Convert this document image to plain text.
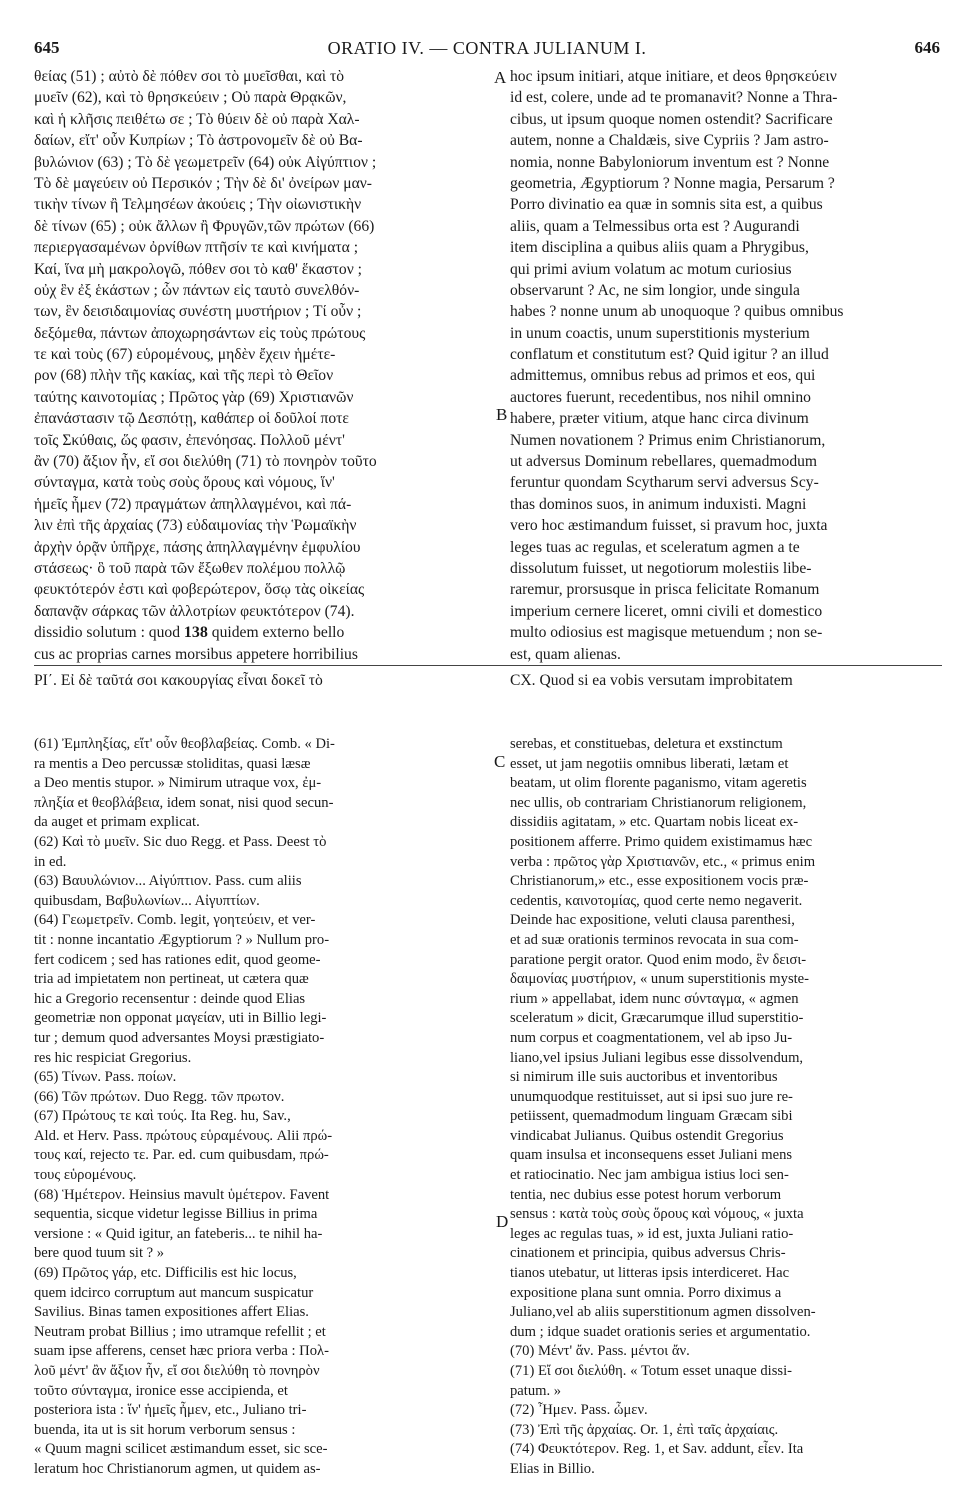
645	ORATIO IV. — CONTRA JULIANUM I.	646
θείας (51) ; αὐτὸ δὲ πόθεν σοι τὸ μυεῖσθαι, καὶ τὸ
μυεῖν (62), καὶ τὸ θρησκεύειν ; Οὐ παρὰ Θρᾳκῶν,
καὶ ἡ κλῆσις πειθέτω σε ; Τὸ θύειν δὲ οὐ παρὰ Χαλ-
δαίων, εἴτ' οὖν Κυπρίων ; Τὸ ἀστρονομεῖν δὲ οὐ Βα-
βυλώνιον (63) ; Τὸ δὲ γεωμετρεῖν (64) οὐκ Αἰγύπτιον ;
Τὸ δὲ μαγεύειν οὐ Περσικόν ; Τὴν δὲ δι' ὀνείρων μαν-
τικὴν τίνων ἢ Τελμησέων ἀκούεις ; Τὴν οἰωνιστικὴν
δὲ τίνων (65) ; οὐκ ἄλλων ἢ Φρυγῶν,τῶν πρώτων (66)
περιεργασαμένων ὀρνίθων πτῆσίν τε καὶ κινήματα ;
Καί, ἵνα μὴ μακρολογῶ, πόθεν σοι τὸ καθ' ἕκαστον ;
οὐχ ἓν ἐξ ἑκάστων ; ὧν πάντων εἰς ταυτὸ συνελθόν-
των, ἓν δεισιδαιμονίας συνέστη μυστήριον ; Τί οὖν ;
δεξόμεθα, πάντων ἀποχωρησάντων εἰς τοὺς πρώτους
τε καὶ τοὺς (67) εὑρομένους, μηδὲν ἔχειν ἡμέτε-
ρον (68) πλὴν τῆς κακίας, καὶ τῆς περὶ τὸ Θεῖον
ταύτης καινοτομίας ; Πρῶτος γὰρ (69) Χριστιανῶν
ἐπανάστασιν τῷ Δεσπότῃ, καθάπερ οἱ δοῦλοί ποτε
τοῖς Σκύθαις, ὥς φασιν, ἐπενόησας. Πολλοῦ μέντ'
ἂν (70) ἄξιον ἦν, εἴ σοι διελύθη (71) τὸ πονηρὸν τοῦτο
σύνταγμα, κατὰ τοὺς σοὺς ὅρους καὶ νόμους, ἵν'
ἡμεῖς ἦμεν (72) πραγμάτων ἀπηλλαγμένοι, καὶ πά-
λιν ἐπὶ τῆς ἀρχαίας (73) εὐδαιμονίας τὴν Ῥωμαϊκὴν
ἀρχὴν ὁρᾷν ὑπῆρχε, πάσης ἀπηλλαγμένην ἐμφυλίου
στάσεως· ὃ τοῦ παρὰ τῶν ἔξωθεν πολέμου πολλῷ
φευκτότερόν ἐστι καὶ φοβερώτερον, ὅσῳ τὰς οἰκείας
δαπανᾷν σάρκας τῶν ἀλλοτρίων φευκτότερον (74).
hoc ipsum initiari, atque initiare, et deos θρησκεύειν
id est, colere, unde ad te promanavit? Nonne a Thra-
cibus, ut ipsum quoque nomen ostendit? Sacrificare
autem, nonne a Chaldæis, sive Cypriis ? Jam astro-
nomia, nonne Babyloniorum inventum est ? Nonne
geometria, Ægyptiorum ? Nonne magia, Persarum ?
Porro divinatio ea quæ in somnis sita est, a quibus
aliis, quam a Telmessibus orta est ? Augurandi
item disciplina a quibus aliis quam a Phrygibus,
qui primi avium volatum ac motum curiosius
observarunt ? Ac, ne sim longior, unde singula
habes ? nonne unum ab unoquoque ? quibus omnibus
in unum coactis, unum superstitionis mysterium
conflatum et constitutum est? Quid igitur ? an illud
admittemus, omnibus rebus ad primos et eos, qui
auctores fuerunt, recedentibus, nos nihil omnino
habere, præter vitium, atque hanc circa divinum
Numen novationem ? Primus enim Christianorum,
ut adversus Dominum rebellares, quemadmodum
feruntur quondam Scytharum servi adversus Scy-
thas dominos suos, in animum induxisti. Magni
vero hoc æstimandum fuisset, si pravum hoc, juxta
leges tuas ac regulas, et sceleratum agmen a te
dissolutum fuisset, ut negotiorum molestiis libe-
raremur, prorsusque in prisca felicitate Romanum
imperium cernere liceret, omni civili et domestico
A
B
C
D
dissidio solutum : quod 138 quidem externo bello	multo odiosius est magisque metuendum ; non se-
cus ac proprias carnes morsibus appetere horribilius	est, quam alienas.
ΡΙ΄. Εἰ δὲ ταῦτά σοι κακουργίας εἶναι δοκεῖ τὸ	CX. Quod si ea vobis versutam improbitatem
(61) Ἐμπληξίας, εἴτ' οὖν θεοβλαβείας. Comb. « Di-
ra mentis a Deo percussæ stoliditas, quasi læsæ
a Deo mentis stupor. » Nimirum utraque vox, ἐμ-
πληξία et θεοβλάβεια, idem sonat, nisi quod secun-
da auget et primam explicat.
(62) Καὶ τὸ μυεῖν. Sic duo Regg. et Pass. Deest τὸ
in ed.
(63) Βαυυλώνιον... Αἰγύπτιον. Pass. cum aliis
quibusdam, Βαβυλωνίων... Αἰγυπτίων.
(64) Γεωμετρεῖν. Comb. legit, γοητεύειν, et ver-
tit : nonne incantatio Ægyptiorum ? » Nullum pro-
fert codicem ; sed has rationes edit, quod geome-
tria ad impietatem non pertineat, ut cætera quæ
hic a Gregorio recensentur : deinde quod Elias
geometriæ non opponat μαγείαν, uti in Billio legi-
tur ; demum quod adversantes Moysi præstigiato-
res hic respiciat Gregorius.
(65) Τίνων. Pass. ποίων.
(66) Τῶν πρώτων. Duo Regg. τῶν πρωτον.
(67) Πρώτους τε καὶ τούς. Ita Reg. hu, Sav.,
Ald. et Herv. Pass. πρώτους εὑραμένους. Alii πρώ-
τους καί, rejecto τε. Par. ed. cum quibusdam, πρώ-
τους εὑρομένους.
(68) Ἡμέτερον. Heinsius mavult ὑμέτερον. Favent
sequentia, sicque videtur legisse Billius in prima
versione : « Quid igitur, an fateberis... te nihil ha-
bere quod tuum sit ? »
(69) Πρῶτος γάρ, etc. Difficilis est hic locus,
quem idcirco corruptum aut mancum suspicatur
Savilius. Binas tamen expositiones affert Elias.
Neutram probat Billius ; imo utramque refellit ; et
suam ipse afferens, censet hæc priora verba : Πολ-
λοῦ μέντ' ἂν ἄξιον ἦν, εἴ σοι διελύθη τὸ πονηρὸν
τοῦτο σύνταγμα, ironice esse accipienda, et
posteriora ista : ἵν' ἡμεῖς ἦμεν, etc., Juliano tri-
buenda, ita ut is sit horum verborum sensus :
« Quum magni scilicet æstimandum esset, sic sce-
leratum hoc Christianorum agmen, ut quidem as-
serebas, et constituebas, deletura et exstinctum
esset, ut jam negotiis omnibus liberati, lætam et
beatam, ut olim florente paganismo, vitam ageretis
nec ullis, ob contrariam Christianorum religionem,
dissidiis agitatam, » etc. Quartam nobis liceat ex-
positionem afferre. Primo quidem existimamus hæc
verba : πρῶτος γὰρ Χριστιανῶν, etc., « primus enim
Christianorum,» etc., esse expositionem vocis præ-
cedentis, καινοτομίας, quod certe nemo negaverit.
Deinde hac expositione, veluti clausa parenthesi,
et ad suæ orationis terminos revocata in sua com-
paratione pergit orator. Quod enim modo, ἓν δεισι-
δαιμονίας μυστήριον, « unum superstitionis myste-
rium » appellabat, idem nunc σύνταγμα, « agmen
sceleratum » dicit, Græcarumque illud superstitio-
num corpus et coagmentationem, vel ab ipso Ju-
liano,vel ipsius Juliani legibus esse dissolvendum,
si nimirum ille suis auctoribus et inventoribus
unumquodque restituisset, aut si ipsi suo jure re-
petiissent, quemadmodum linguam Græcam sibi
vindicabat Julianus. Quibus ostendit Gregorius
quam insulsa et inconsequens esset Juliani mens
et ratiocinatio. Nec jam ambigua istius loci sen-
tentia, nec dubius esse potest horum verborum
sensus : κατὰ τοὺς σοὺς ὅρους καὶ νόμους, « juxta
leges ac regulas tuas, » id est, juxta Juliani ratio-
cinationem et principia, quibus adversus Chris-
tianos utebatur, ut litteras ipsis interdiceret. Hac
expositione plana sunt omnia. Porro diximus a
Juliano,vel ab aliis superstitionum agmen dissolven-
dum ; idque suadet orationis series et argumentatio.
(70) Μέντ' ἄν. Pass. μέντοι ἄν.
(71) Εἴ σοι διελύθη. « Totum esset unaque dissi-
patum. »
(72) Ἦμεν. Pass. ὦμεν.
(73) Ἐπὶ τῆς ἀρχαίας. Or. 1, ἐπὶ ταῖς ἀρχαίαις.
(74) Φευκτότερον. Reg. 1, et Sav. addunt, εἶεν. Ita
Elias in Billio.
